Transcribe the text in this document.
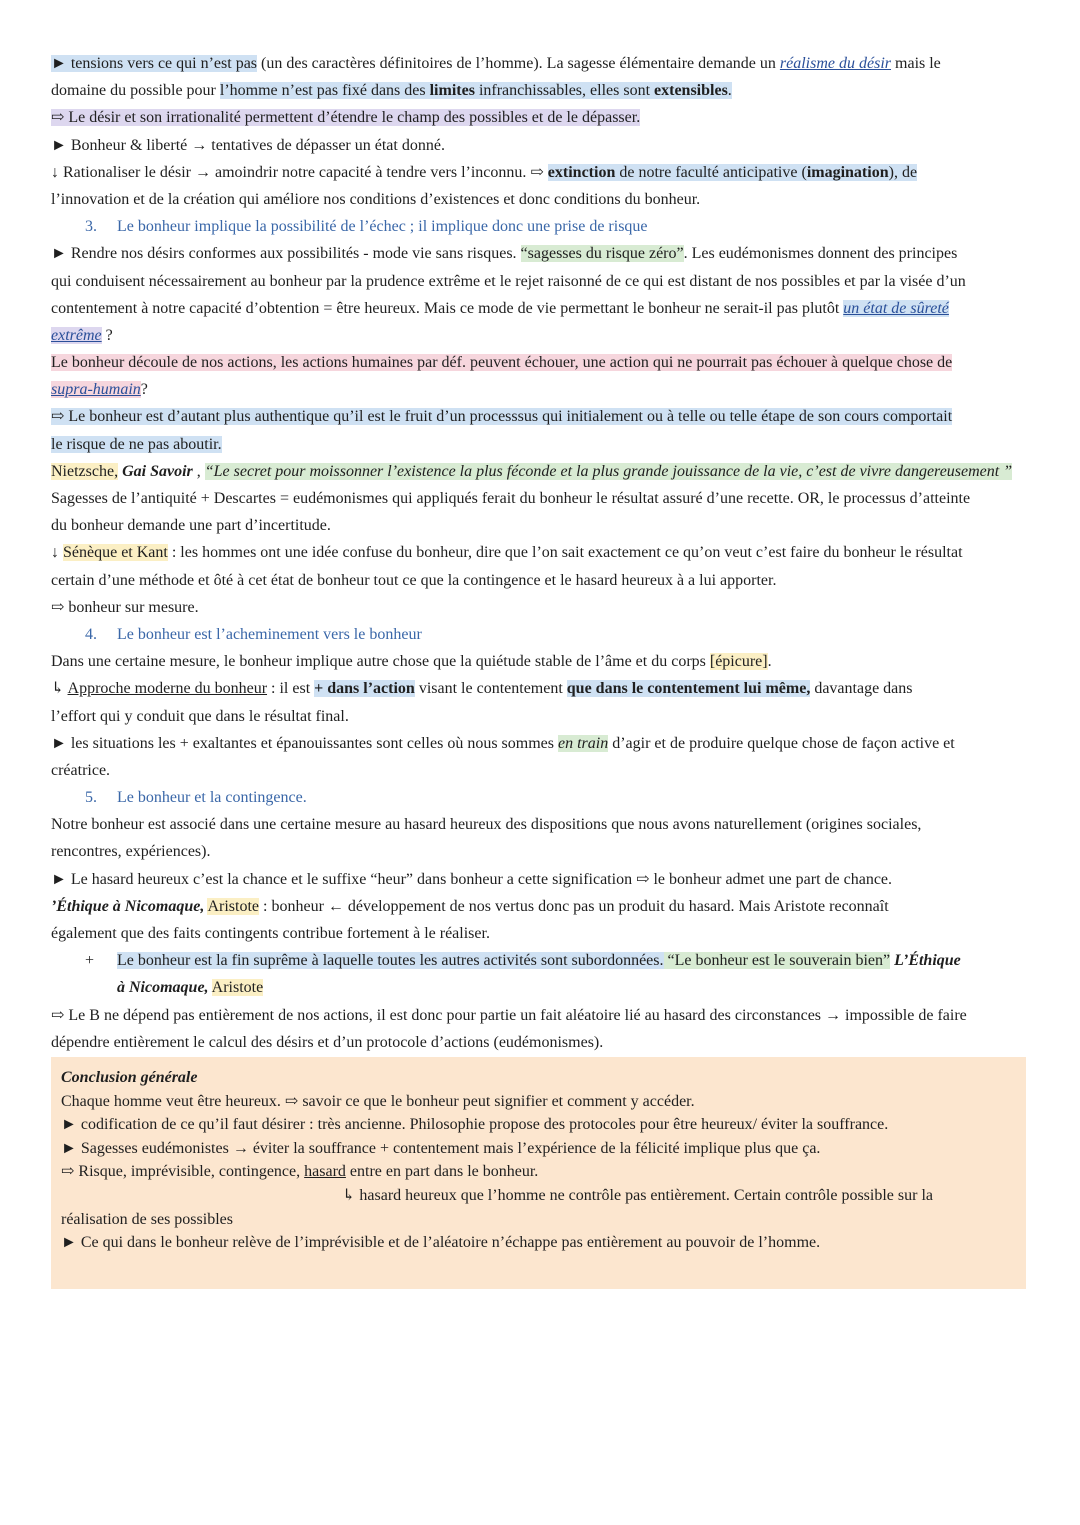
► tensions vers ce qui n’est pas (un des caractères définitoires de l’homme). La sagesse élémentaire demande un réalisme du désir mais le
domaine du possible pour l’homme n’est pas fixé dans des limites infranchissables, elles sont extensibles.
⇨ Le désir et son irrationalité permettent d’étendre le champ des possibles et de le dépasser.
► Bonheur & liberté → tentatives de dépasser un état donné.
↓ Rationaliser le désir → amoindrir notre capacité à tendre vers l’inconnu. ⇨ extinction de notre faculté anticipative (imagination), de
l’innovation et de la création qui améliore nos conditions d’existences et donc conditions du bonheur.
3. Le bonheur implique la possibilité de l’échec ; il implique donc une prise de risque
► Rendre nos désirs conformes aux possibilités - mode vie sans risques. “sagesses du risque zéro”. Les eudémonismes donnent des principes
qui conduisent nécessairement au bonheur par la prudence extrême et le rejet raisonné de ce qui est distant de nos possibles et par la visée d’un
contentement à notre capacité d’obtention = être heureux. Mais ce mode de vie permettant le bonheur ne serait-il pas plutôt un état de sûreté
extrême ?
Le bonheur découle de nos actions, les actions humaines par déf. peuvent échouer, une action qui ne pourrait pas échouer à quelque chose de
supra-humain?
⇨ Le bonheur est d’autant plus authentique qu’il est le fruit d’un processsus qui initialement ou à telle ou telle étape de son cours comportait
le risque de ne pas aboutir.
Nietzsche, Gai Savoir , “Le secret pour moissonner l’existence la plus féconde et la plus grande jouissance de la vie, c’est de vivre dangereusement ”
Sagesses de l’antiquité + Descartes = eudémonismes qui appliqués ferait du bonheur le résultat assuré d’une recette. OR, le processus d’atteinte
du bonheur demande une part d’incertitude.
↓ Sénèque et Kant : les hommes ont une idée confuse du bonheur, dire que l’on sait exactement ce qu’on veut c’est faire du bonheur le résultat
certain d’une méthode et ôté à cet état de bonheur tout ce que la contingence et le hasard heureux à a lui apporter.
⇨ bonheur sur mesure.
4. Le bonheur est l’acheminement vers le bonheur
Dans une certaine mesure, le bonheur implique autre chose que la quiétude stable de l’âme et du corps [épicure].
↳ Approche moderne du bonheur : il est + dans l’action visant le contentement que dans le contentement lui même, davantage dans
l’effort qui y conduit que dans le résultat final.
► les situations les + exaltantes et épanouissantes sont celles où nous sommes en train d’agir et de produire quelque chose de façon active et
créatrice.
5. Le bonheur et la contingence.
Notre bonheur est associé dans une certaine mesure au hasard heureux des dispositions que nous avons naturellement (origines sociales,
rencontres, expériences).
► Le hasard heureux c’est la chance et le suffixe “heur” dans bonheur a cette signification ⇨ le bonheur admet une part de chance.
’Éthique à Nicomaque, Aristote : bonheur ← développement de nos vertus donc pas un produit du hasard. Mais Aristote reconnaît
également que des faits contingents contribue fortement à le réaliser.
+ Le bonheur est la fin suprême à laquelle toutes les autres activités sont subordonnées. “Le bonheur est le souverain bien” L’Éthique
à Nicomaque, Aristote
⇨ Le B ne dépend pas entièrement de nos actions, il est donc pour partie un fait aléatoire lié au hasard des circonstances → impossible de faire
dépendre entièrement le calcul des désirs et d’un protocole d’actions (eudémonismes).
Conclusion générale
Chaque homme veut être heureux. ⇨ savoir ce que le bonheur peut signifier et comment y accéder.
► codification de ce qu’il faut désirer : très ancienne. Philosophie propose des protocoles pour être heureux/ éviter la souffrance.
► Sagesses eudémonistes → éviter la souffrance + contentement mais l’expérience de la félicité implique plus que ça.
⇨ Risque, imprévisible, contingence, hasard entre en part dans le bonheur.
↳ hasard heureux que l’homme ne contrôle pas entièrement. Certain contrôle possible sur la
réalisation de ses possibles
► Ce qui dans le bonheur relève de l’imprévisible et de l’aléatoire n’échappe pas entièrement au pouvoir de l’homme.
